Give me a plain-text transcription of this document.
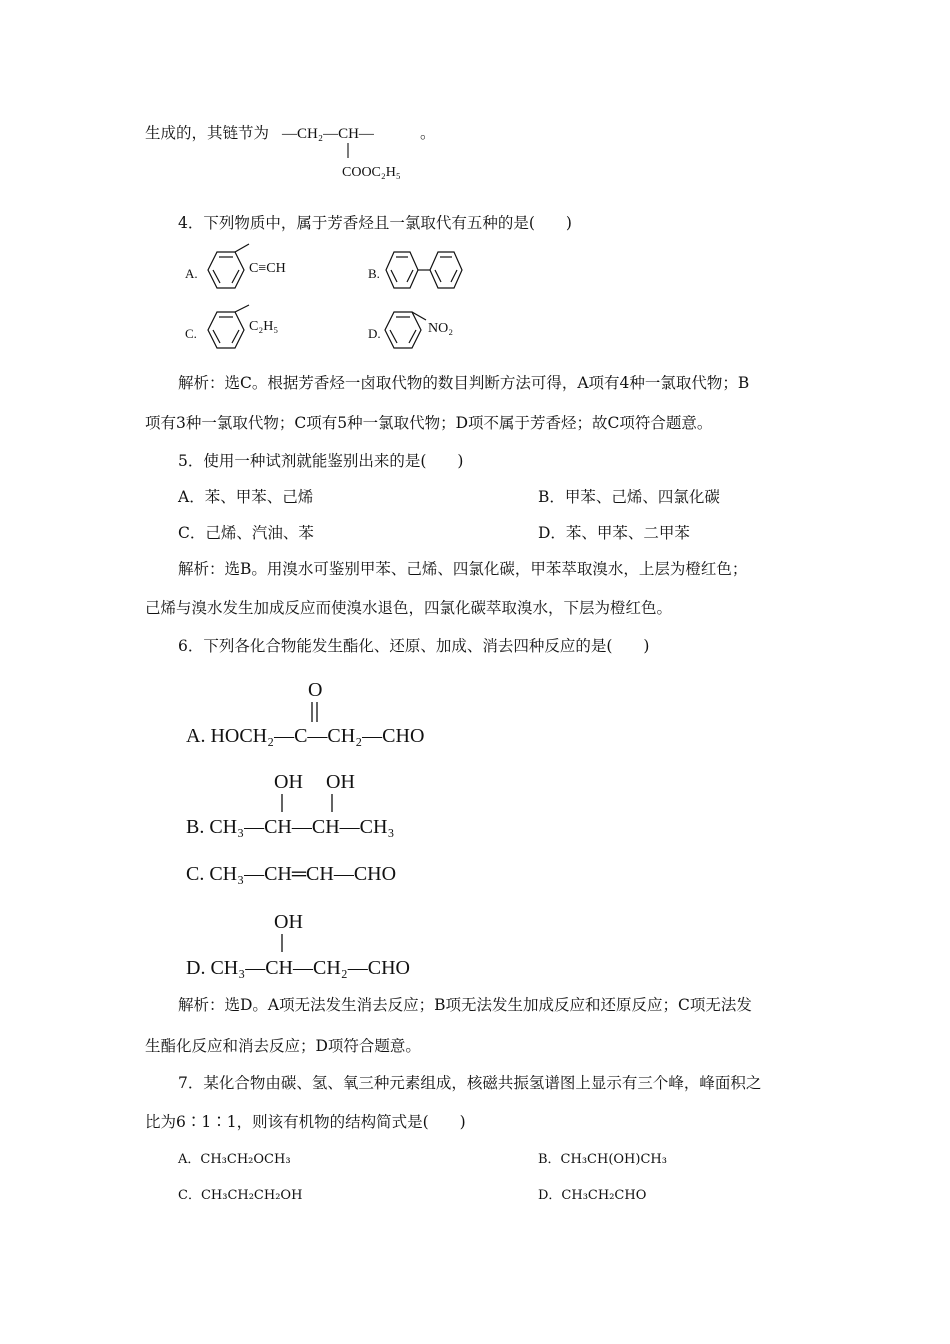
生成的，其链节为 —CH₂—CH—
COOC₂H₅
。
4．下列物质中，属于芳香烃且一氯取代有五种的是(　　)
A.	C≡CH	B.
C.	C₂H₅	D.	NO₂
解析：选C。根据芳香烃一卤取代物的数目判断方法可得，A项有4种一氯取代物；B
项有3种一氯取代物；C项有5种一氯取代物；D项不属于芳香烃；故C项符合题意。
5．使用一种试剂就能鉴别出来的是(　　)
A．苯、甲苯、己烯	B．甲苯、己烯、四氯化碳
C．己烯、汽油、苯	D．苯、甲苯、二甲苯
解析：选B。用溴水可鉴别甲苯、己烯、四氯化碳，甲苯萃取溴水，上层为橙红色；
己烯与溴水发生加成反应而使溴水退色，四氯化碳萃取溴水，下层为橙红色。
6．下列各化合物能发生酯化、还原、加成、消去四种反应的是(　　)
O
A. HOCH₂—C—CH₂—CHO
OH OH
B. CH₃—CH—CH—CH₃
C. CH₃—CH═CH—CHO
OH
D. CH₃—CH—CH₂—CHO
解析：选D。A项无法发生消去反应；B项无法发生加成反应和还原反应；C项无法发
生酯化反应和消去反应；D项符合题意。
7．某化合物由碳、氢、氧三种元素组成，核磁共振氢谱图上显示有三个峰，峰面积之
比为6∶1∶1，则该有机物的结构简式是(　　)
A．CH₃CH₂OCH₃	B．CH₃CH(OH)CH₃
C．CH₃CH₂CH₂OH	D．CH₃CH₂CHO
